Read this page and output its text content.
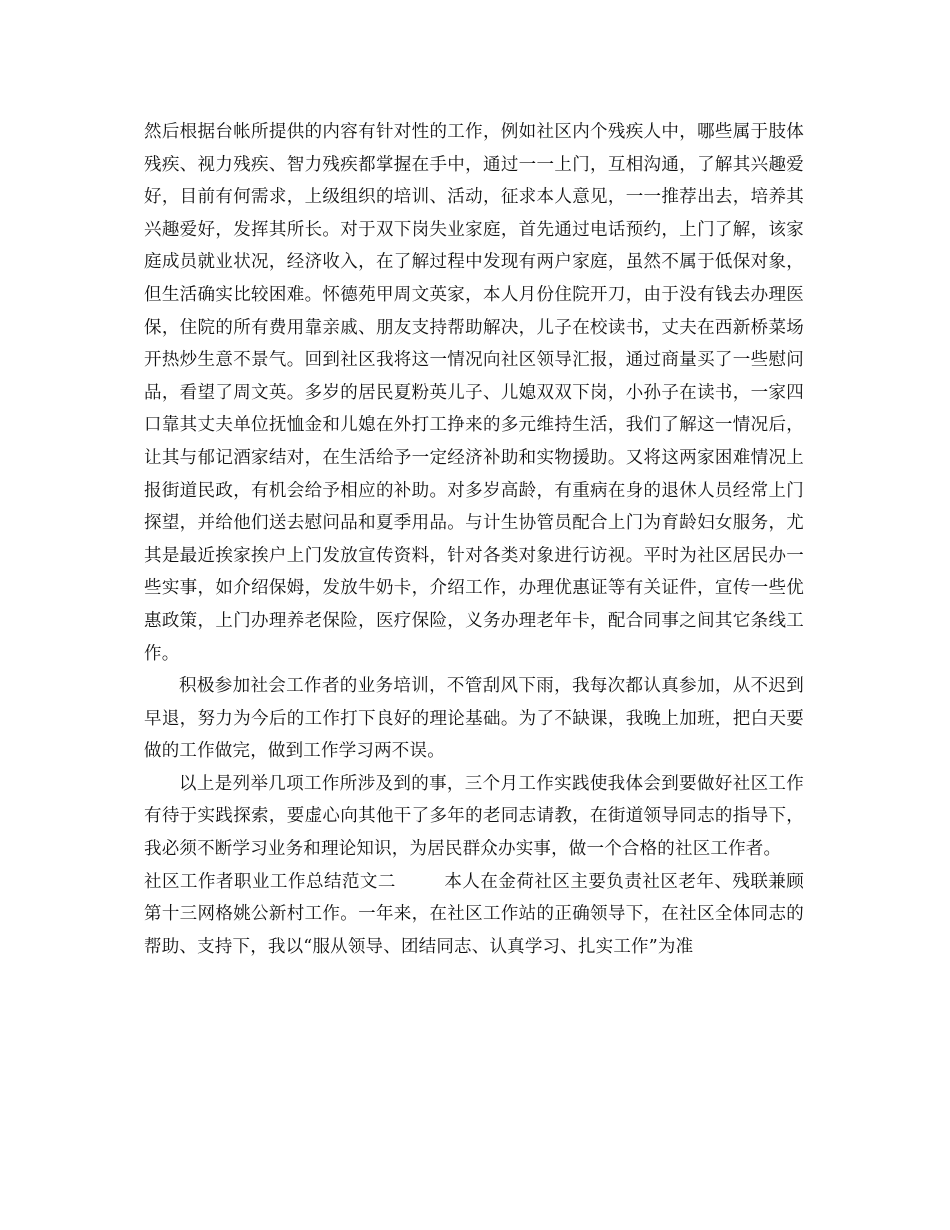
然后根据台帐所提供的内容有针对性的工作，例如社区内个残疾人中，哪些属于肢体残疾、视力残疾、智力残疾都掌握在手中，通过一一上门，互相沟通，了解其兴趣爱好，目前有何需求，上级组织的培训、活动，征求本人意见，一一推荐出去，培养其兴趣爱好，发挥其所长。对于双下岗失业家庭，首先通过电话预约，上门了解，该家庭成员就业状况，经济收入，在了解过程中发现有两户家庭，虽然不属于低保对象，但生活确实比较困难。怀德苑甲周文英家，本人月份住院开刀，由于没有钱去办理医保，住院的所有费用靠亲戚、朋友支持帮助解决，儿子在校读书，丈夫在西新桥菜场开热炒生意不景气。回到社区我将这一情况向社区领导汇报，通过商量买了一些慰问品，看望了周文英。多岁的居民夏粉英儿子、儿媳双双下岗，小孙子在读书，一家四口靠其丈夫单位抚恤金和儿媳在外打工挣来的多元维持生活，我们了解这一情况后，让其与郁记酒家结对，在生活给予一定经济补助和实物援助。又将这两家困难情况上报街道民政，有机会给予相应的补助。对多岁高龄，有重病在身的退休人员经常上门探望，并给他们送去慰问品和夏季用品。与计生协管员配合上门为育龄妇女服务，尤其是最近挨家挨户上门发放宣传资料，针对各类对象进行访视。平时为社区居民办一些实事，如介绍保姆，发放牛奶卡，介绍工作，办理优惠证等有关证件，宣传一些优惠政策，上门办理养老保险，医疗保险，义务办理老年卡，配合同事之间其它条线工作。

积极参加社会工作者的业务培训，不管刮风下雨，我每次都认真参加，从不迟到早退，努力为今后的工作打下良好的理论基础。为了不缺课，我晚上加班，把白天要做的工作做完，做到工作学习两不误。

以上是列举几项工作所涉及到的事，三个月工作实践使我体会到要做好社区工作有待于实践探索，要虚心向其他干了多年的老同志请教，在街道领导同志的指导下，我必须不断学习业务和理论知识，为居民群众办实事，做一个合格的社区工作者。

社区工作者职业工作总结范文二	本人在金荷社区主要负责社区老年、残联兼顾第十三网格姚公新村工作。一年来，在社区工作站的正确领导下，在社区全体同志的帮助、支持下，我以“服从领导、团结同志、认真学习、扎实工作”为准
